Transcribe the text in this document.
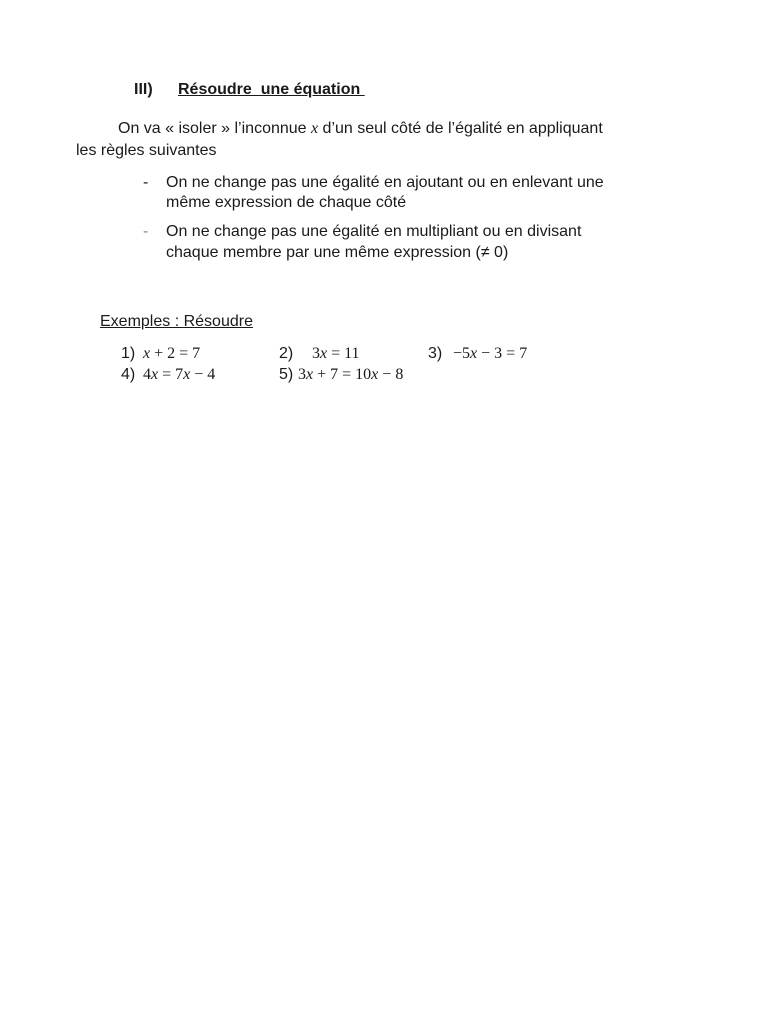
III) Résoudre  une équation
On va « isoler » l’inconnue x d’un seul côté de l’égalité en appliquant
les règles suivantes
- On ne change pas une égalité en ajoutant ou en enlevant une
même expression de chaque côté
- On ne change pas une égalité en multipliant ou en divisant
chaque membre par une même expression (≠ 0)
Exemples : Résoudre
1) x + 2 = 7	2) 3x = 11	3) −5x − 3 = 7
4) 4x = 7x − 4	5) 3x + 7 = 10x − 8
